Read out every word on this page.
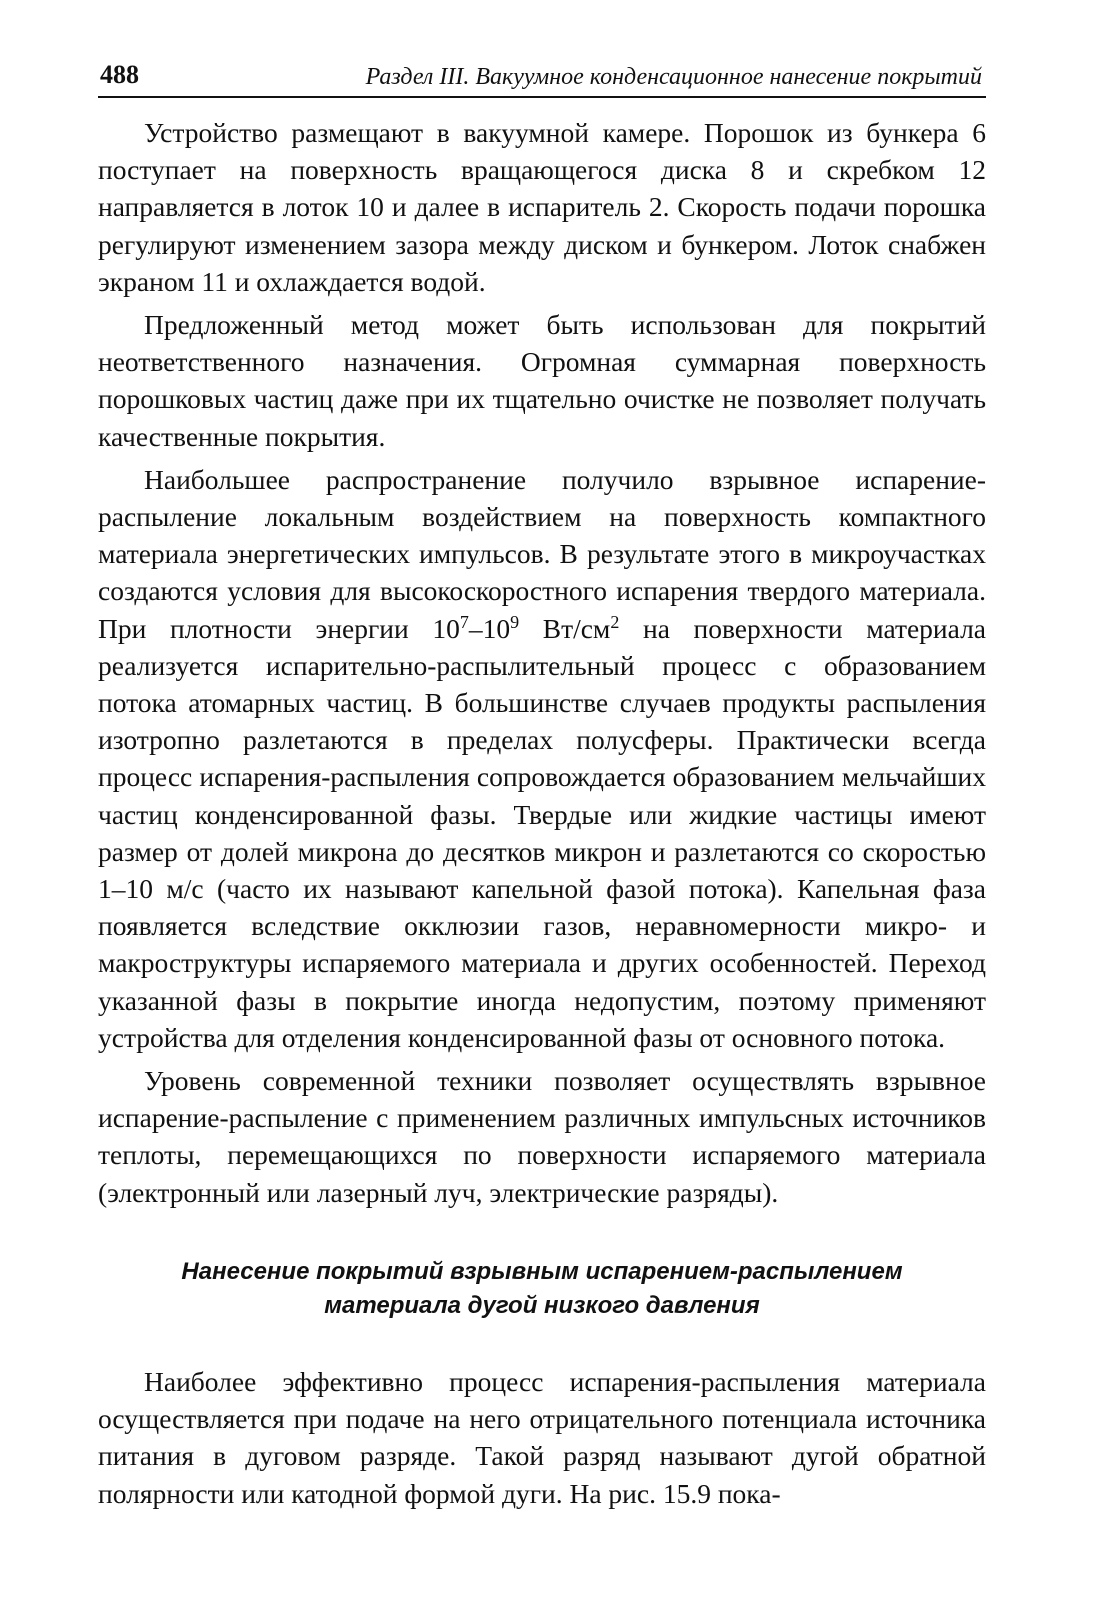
488	Раздел III. Вакуумное конденсационное нанесение покрытий

Устройство размещают в вакуумной камере. Порошок из бункера 6 поступает на поверхность вращающегося диска 8 и скребком 12 направляется в лоток 10 и далее в испаритель 2. Скорость подачи порошка регулируют изменением зазора между диском и бункером. Лоток снабжен экраном 11 и охлаждается водой.

Предложенный метод может быть использован для покрытий неответственного назначения. Огромная суммарная поверхность порошковых частиц даже при их тщательно очистке не позволяет получать качественные покрытия.

Наибольшее распространение получило взрывное испарение-распыление локальным воздействием на поверхность компактного материала энергетических импульсов. В результате этого в микроучастках создаются условия для высокоскоростного испарения твердого материала. При плотности энергии $10^7-10^9$ $Вт/см^2$ на поверхности материала реализуется испарительно-распылительный процесс с образованием потока атомарных частиц. В большинстве случаев продукты распыления изотропно разлетаются в пределах полусферы. Практически всегда процесс испарения-распыления сопровождается образованием мельчайших частиц конденсированной фазы. Твердые или жидкие частицы имеют размер от долей микрона до десятков микрон и разлетаются со скоростью 1–10 м/с (часто их называют капельной фазой потока). Капельная фаза появляется вследствие окклюзии газов, неравномерности микро- и макроструктуры испаряемого материала и других особенностей. Переход указанной фазы в покрытие иногда недопустим, поэтому применяют устройства для отделения конденсированной фазы от основного потока.

Уровень современной техники позволяет осуществлять взрывное испарение-распыление с применением различных импульсных источников теплоты, перемещающихся по поверхности испаряемого материала (электронный или лазерный луч, электрические разряды).

Нанесение покрытий взрывным испарением-распылением
материала дугой низкого давления

Наиболее эффективно процесс испарения-распыления материала осуществляется при подаче на него отрицательного потенциала источника питания в дуговом разряде. Такой разряд называют дугой обратной полярности или катодной формой дуги. На рис. 15.9 пока-
